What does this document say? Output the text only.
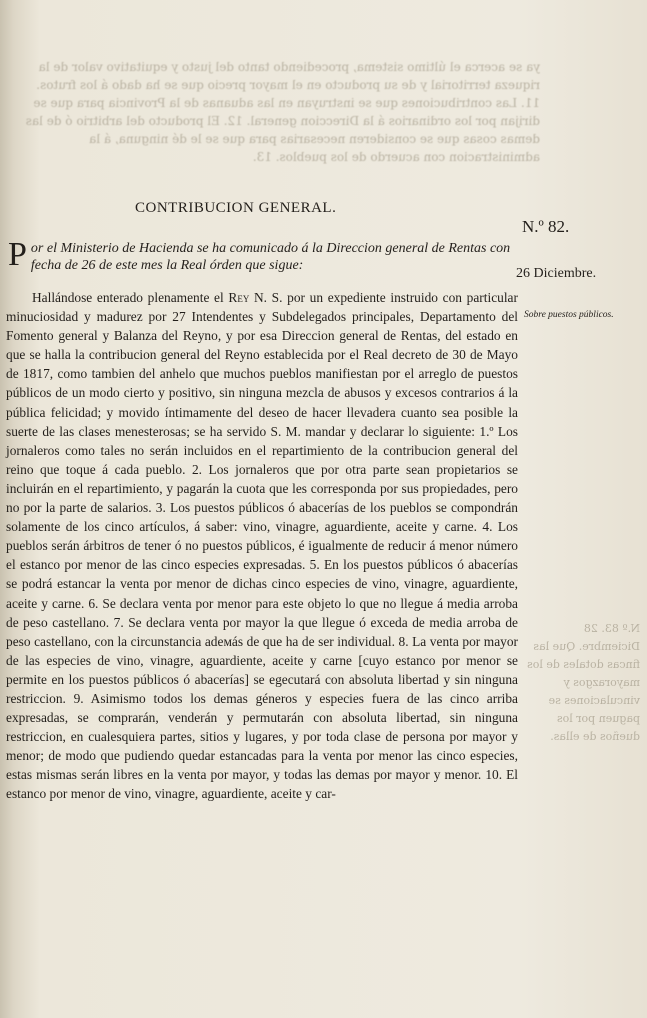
ya se acerca el último sistema, procediendo tanto del justo y equitativo valor de la riqueza territorial y de su producto en el mayor precio que se ha dado á los frutos. 11. Las contribuciones que se instruyan en las aduanas de la Provincia para que se dirijan por los ordinarios á la Direccion general. 12. El producto del arbitrio ó de las demas cosas que se consideren necesarias para que se le dé ninguna, á la administracion con acuerdo de los pueblos. 13.
N.º 83. 28 Diciembre. Que las fincas dotales de los mayorazgos y vinculaciones se paguen por los dueños de ellas.
CONTRIBUCION GENERAL.
N.º 82.
Por el Ministerio de Hacienda se ha comunicado á la Direccion general de Rentas con fecha de 26 de este mes la Real órden que sigue:
26 Diciembre.
Sobre puestos públicos.
Hallándose enterado plenamente el Rey N. S. por un expediente instruido con particular minuciosidad y madurez por 27 Intendentes y Subdelegados principales, Departamento del Fomento general y Balanza del Reyno, y por esa Direccion general de Rentas, del estado en que se halla la contribucion general del Reyno establecida por el Real decreto de 30 de Mayo de 1817, como tambien del anhelo que muchos pueblos manifiestan por el arreglo de puestos públicos de un modo cierto y positivo, sin ninguna mezcla de abusos y excesos contrarios á la pública felicidad; y movido íntimamente del deseo de hacer llevadera cuanto sea posible la suerte de las clases menesterosas; se ha servido S. M. mandar y declarar lo siguiente: 1.º Los jornaleros como tales no serán incluidos en el repartimiento de la contribucion general del reino que toque á cada pueblo. 2. Los jornaleros que por otra parte sean propietarios se incluirán en el repartimiento, y pagarán la cuota que les corresponda por sus propiedades, pero no por la parte de salarios. 3. Los puestos públicos ó abacerías de los pueblos se compondrán solamente de los cinco artículos, á saber: vino, vinagre, aguardiente, aceite y carne. 4. Los pueblos serán árbitros de tener ó no puestos públicos, é igualmente de reducir á menor número el estanco por menor de las cinco especies expresadas. 5. En los puestos públicos ó abacerías se podrá estancar la venta por menor de dichas cinco especies de vino, vinagre, aguardiente, aceite y carne. 6. Se declara venta por menor para este objeto lo que no llegue á media arroba de peso castellano. 7. Se declara venta por mayor la que llegue ó exceda de media arroba de peso castellano, con la circunstancia adeмás de que ha de ser individual. 8. La venta por mayor de las especies de vino, vinagre, aguardiente, aceite y carne [cuyo estanco por menor se permite en los puestos públicos ó abacerías] se egecutará con absoluta libertad y sin ninguna restriccion. 9. Asimismo todos los demas géneros y especies fuera de las cinco arriba expresadas, se comprarán, venderán y permutarán con absoluta libertad, sin ninguna restriccion, en cualesquiera partes, sitios y lugares, y por toda clase de persona por mayor y menor; de modo que pudiendo quedar estancadas para la venta por menor las cinco especies, estas mismas serán libres en la venta por mayor, y todas las demas por mayor y menor. 10. El estanco por menor de vino, vinagre, aguardiente, aceite y car-
